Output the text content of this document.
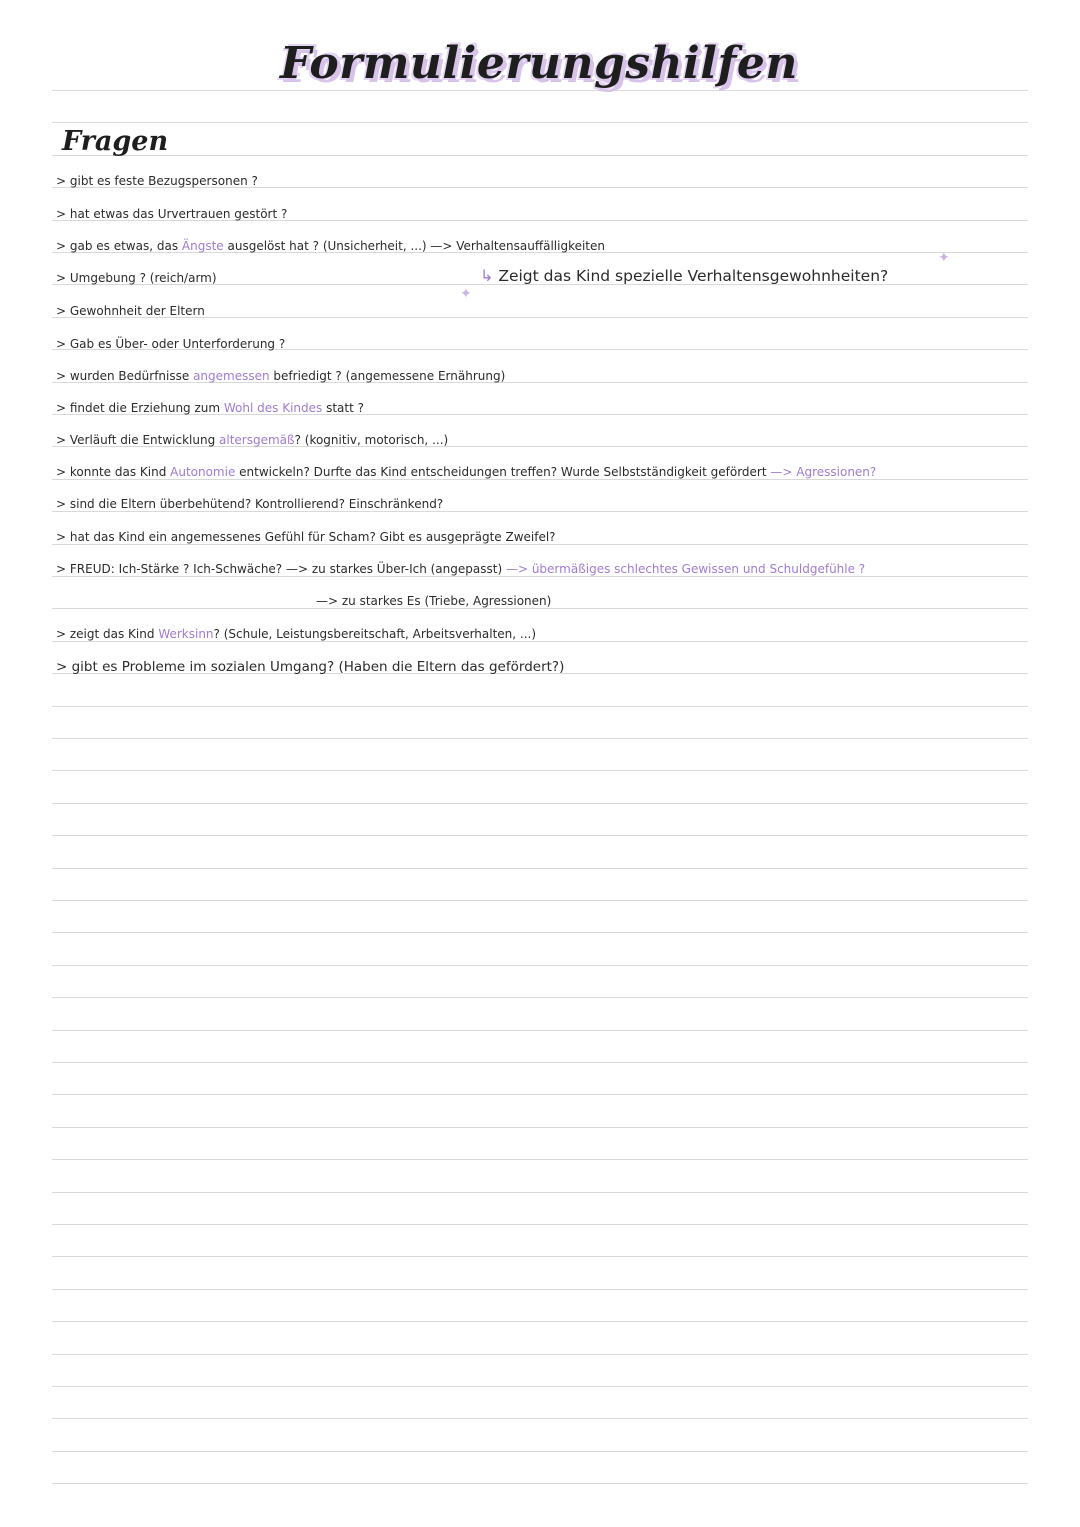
Formulierungshilfen
Fragen
> gibt es feste Bezugspersonen ?
> hat etwas das Urvertrauen gestört ?
> gab es etwas, das Ängste ausgelöst hat ? (Unsicherheit, ...) —> Verhaltensauffälligkeiten
> Umgebung ? (reich/arm)
> Gewohnheit der Eltern
> Gab es Über- oder Unterforderung ?
> wurden Bedürfnisse angemessen befriedigt ? (angemessene Ernährung)
> findet die Erziehung zum Wohl des Kindes statt ?
> Verläuft die Entwicklung altersgemäß? (kognitiv, motorisch, ...)
> konnte das Kind Autonomie entwickeln? Durfte das Kind entscheidungen treffen? Wurde Selbstständigkeit gefördert —> Agressionen?
> sind die Eltern überbehütend? Kontrollierend? Einschränkend?
> hat das Kind ein angemessenes Gefühl für Scham? Gibt es ausgeprägte Zweifel?
> FREUD: Ich-Stärke ? Ich-Schwäche? —> zu starkes Über-Ich (angepasst) —> übermäßiges schlechtes Gewissen und Schuldgefühle ?
> zeigt das Kind Werksinn? (Schule, Leistungsbereitschaft, Arbeitsverhalten, ...)
> gibt es Probleme im sozialen Umgang? (Haben die Eltern das gefördert?)
↳ Zeigt das Kind spezielle Verhaltensgewohnheiten?
—> zu starkes Es (Triebe, Agressionen)
✦
✦
